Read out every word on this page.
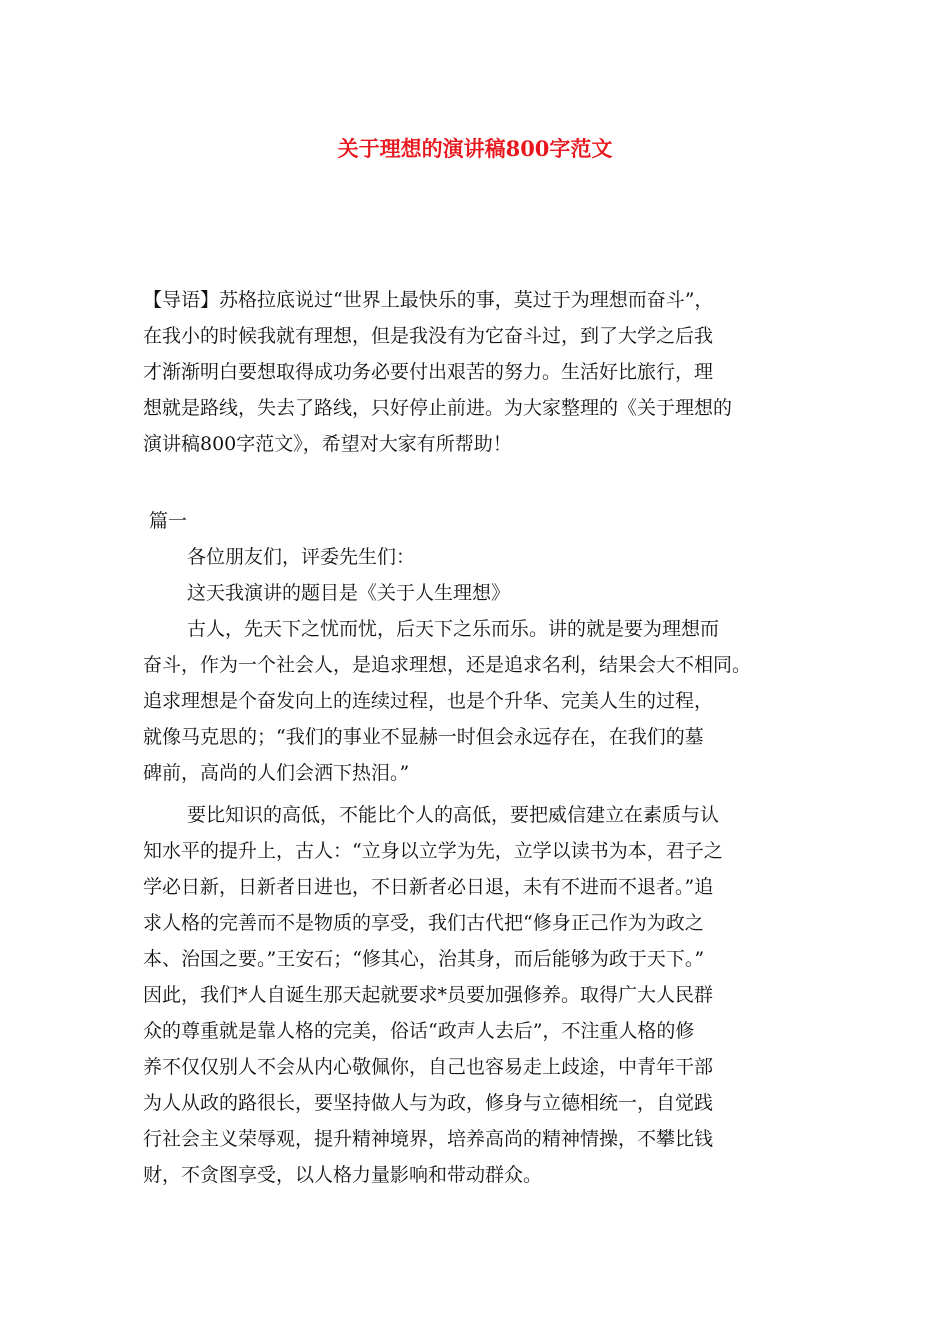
关于理想的演讲稿800字范文

【导语】苏格拉底说过“世界上最快乐的事，莫过于为理想而奋斗”，

在我小的时候我就有理想，但是我没有为它奋斗过，到了大学之后我

才渐渐明白要想取得成功务必要付出艰苦的努力。生活好比旅行，理

想就是路线，失去了路线，只好停止前进。为大家整理的《关于理想的

演讲稿800字范文》，希望对大家有所帮助！

篇一

各位朋友们，评委先生们：

这天我演讲的题目是《关于人生理想》

古人，先天下之忧而忧，后天下之乐而乐。讲的就是要为理想而

奋斗，作为一个社会人，是追求理想，还是追求名利，结果会大不相同。

追求理想是个奋发向上的连续过程，也是个升华、完美人生的过程，

就像马克思的；“我们的事业不显赫一时但会永远存在，在我们的墓

碑前，高尚的人们会洒下热泪。”

要比知识的高低，不能比个人的高低，要把威信建立在素质与认

知水平的提升上，古人：“立身以立学为先，立学以读书为本，君子之

学必日新，日新者日进也，不日新者必日退，未有不进而不退者。”追

求人格的完善而不是物质的享受，我们古代把“修身正己作为为政之

本、治国之要。”王安石；“修其心，治其身，而后能够为政于天下。”

因此，我们*人自诞生那天起就要求*员要加强修养。取得广大人民群

众的尊重就是靠人格的完美，俗话“政声人去后”，不注重人格的修

养不仅仅别人不会从内心敬佩你，自己也容易走上歧途，中青年干部

为人从政的路很长，要坚持做人与为政，修身与立德相统一，自觉践

行社会主义荣辱观，提升精神境界，培养高尚的精神情操，不攀比钱

财，不贪图享受，以人格力量影响和带动群众。
